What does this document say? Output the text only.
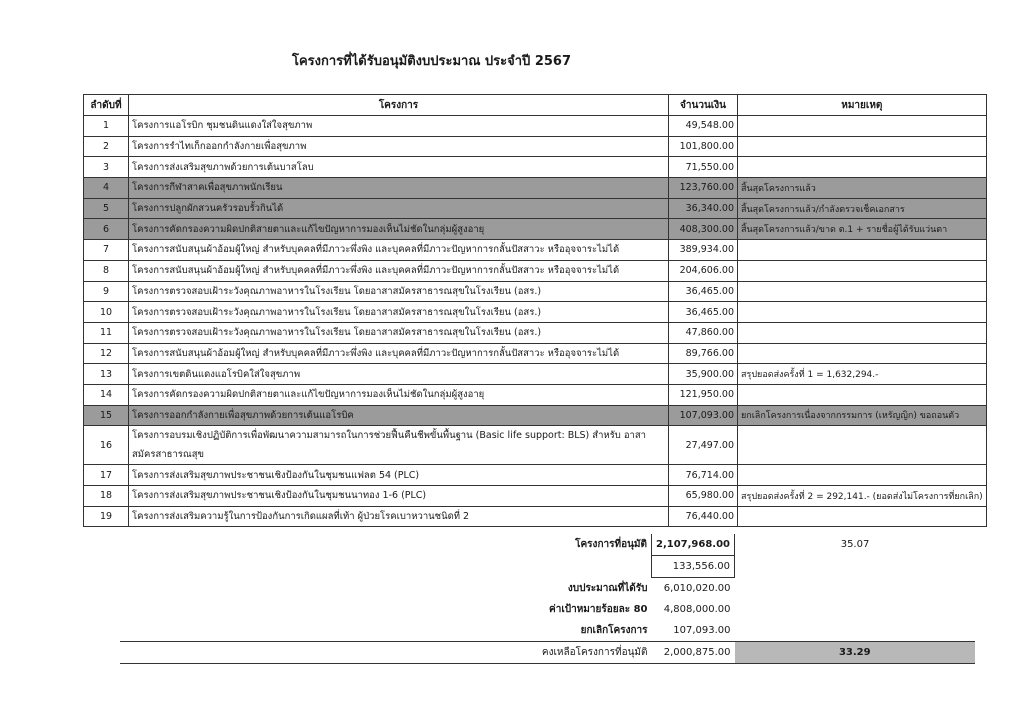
โครงการที่ได้รับอนุมัติงบประมาณ ประจำปี 2567
ลำดับที่	โครงการ	จำนวนเงิน	หมายเหตุ
1	โครงการแอโรบิก ชุมชนดินแดงใส่ใจสุขภาพ	49,548.00	
2	โครงการรำไทเก็กออกกำลังกายเพื่อสุขภาพ	101,800.00	
3	โครงการส่งเสริมสุขภาพด้วยการเต้นบาสโลบ	71,550.00	
4	โครงการกีฬาสาคเพื่อสุขภาพนักเรียน	123,760.00	สิ้นสุดโครงการแล้ว
5	โครงการปลูกผักสวนครัวรอบรั้วกินได้	36,340.00	สิ้นสุดโครงการแล้ว/กำลังตรวจเช็คเอกสาร
6	โครงการคัดกรองความผิดปกติสายตาและแก้ไขปัญหาการมองเห็นไม่ชัดในกลุ่มผู้สูงอายุ	408,300.00	สิ้นสุดโครงการแล้ว/ขาด ต.1 + รายชื่อผู้ได้รับแว่นตา
7	โครงการสนับสนุนผ้าอ้อมผู้ใหญ่ สำหรับบุคคลที่มีภาวะพึ่งพิง และบุคคลที่มีภาวะปัญหาการกลั้นปัสสาวะ หรืออุจจาระไม่ได้	389,934.00	
8	โครงการสนับสนุนผ้าอ้อมผู้ใหญ่ สำหรับบุคคลที่มีภาวะพึ่งพิง และบุคคลที่มีภาวะปัญหาการกลั้นปัสสาวะ หรืออุจจาระไม่ได้	204,606.00	
9	โครงการตรวจสอบเฝ้าระวังคุณภาพอาหารในโรงเรียน โดยอาสาสมัครสาธารณสุขในโรงเรียน (อสร.)	36,465.00	
10	โครงการตรวจสอบเฝ้าระวังคุณภาพอาหารในโรงเรียน โดยอาสาสมัครสาธารณสุขในโรงเรียน (อสร.)	36,465.00	
11	โครงการตรวจสอบเฝ้าระวังคุณภาพอาหารในโรงเรียน โดยอาสาสมัครสาธารณสุขในโรงเรียน (อสร.)	47,860.00	
12	โครงการสนับสนุนผ้าอ้อมผู้ใหญ่ สำหรับบุคคลที่มีภาวะพึ่งพิง และบุคคลที่มีภาวะปัญหาการกลั้นปัสสาวะ หรืออุจจาระไม่ได้	89,766.00	
13	โครงการเขตดินแดงแอโรบิคใส่ใจสุขภาพ	35,900.00	สรุปยอดส่งครั้งที่ 1 = 1,632,294.-
14	โครงการคัดกรองความผิดปกติสายตาและแก้ไขปัญหาการมองเห็นไม่ชัดในกลุ่มผู้สูงอายุ	121,950.00	
15	โครงการออกกำลังกายเพื่อสุขภาพด้วยการเต้นแอโรบิค	107,093.00	ยกเลิกโครงการเนื่องจากกรรมการ (เหรัญญิก) ขอถอนตัว
16	โครงการอบรมเชิงปฏิบัติการเพื่อพัฒนาความสามารถในการช่วยฟื้นคืนชีพขั้นพื้นฐาน (Basic life support: BLS) สำหรับ อาสาสมัครสาธารณสุข	27,497.00	
17	โครงการส่งเสริมสุขภาพประชาชนเชิงป้องกันในชุมชนแฟลต 54 (PLC)	76,714.00	
18	โครงการส่งเสริมสุขภาพประชาชนเชิงป้องกันในชุมชนนาทอง 1-6 (PLC)	65,980.00	สรุปยอดส่งครั้งที่ 2 = 292,141.- (ยอดส่งไม่โครงการที่ยกเลิก)
19	โครงการส่งเสริมความรู้ในการป้องกันการเกิดแผลที่เท้า ผู้ป่วยโรคเบาหวานชนิดที่ 2	76,440.00	
โครงการที่อนุมัติ	2,107,968.00	35.07
	133,556.00	
งบประมาณที่ได้รับ	6,010,020.00	
ค่าเป้าหมายร้อยละ 80	4,808,000.00	
ยกเลิกโครงการ	107,093.00	
คงเหลือโครงการที่อนุมัติ	2,000,875.00	33.29
